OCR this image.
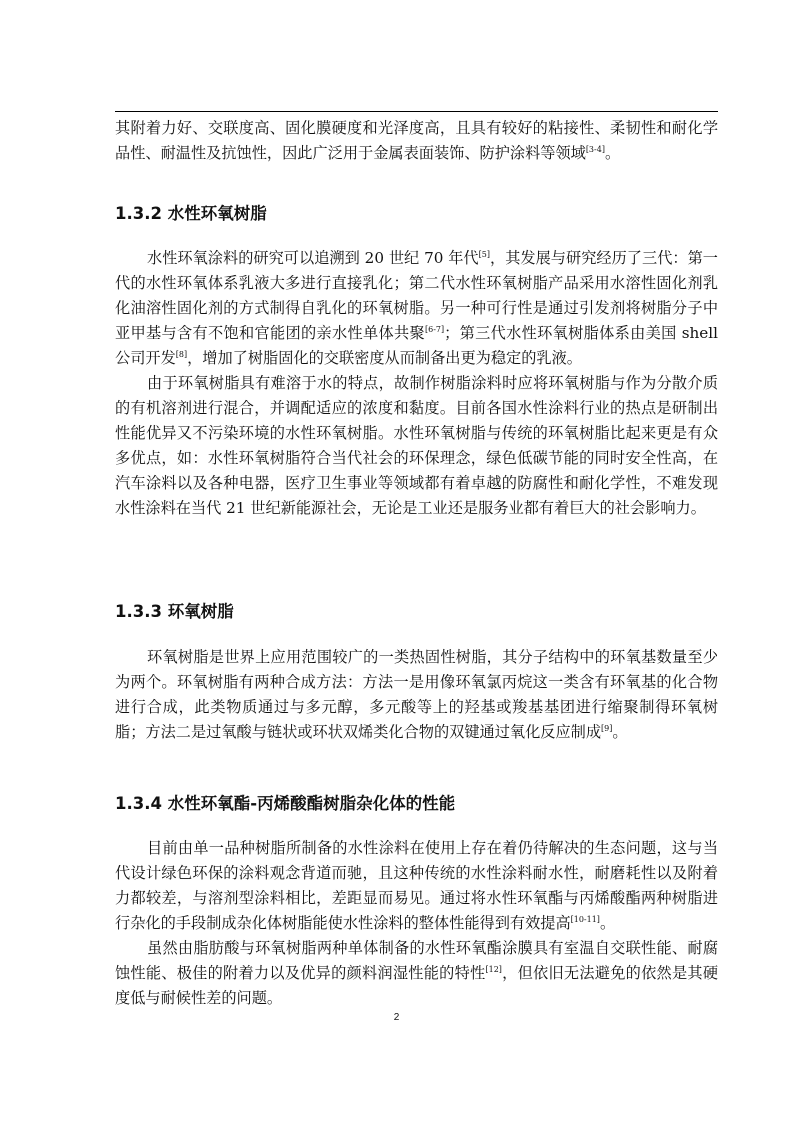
其附着力好、交联度高、固化膜硬度和光泽度高，且具有较好的粘接性、柔韧性和耐化学品性、耐温性及抗蚀性，因此广泛用于金属表面装饰、防护涂料等领域[3-4]。

1.3.2 水性环氧树脂

水性环氧涂料的研究可以追溯到 20 世纪 70 年代[5]，其发展与研究经历了三代：第一代的水性环氧体系乳液大多进行直接乳化；第二代水性环氧树脂产品采用水溶性固化剂乳化油溶性固化剂的方式制得自乳化的环氧树脂。另一种可行性是通过引发剂将树脂分子中亚甲基与含有不饱和官能团的亲水性单体共聚[6-7]；第三代水性环氧树脂体系由美国 shell 公司开发[8]，增加了树脂固化的交联密度从而制备出更为稳定的乳液。

由于环氧树脂具有难溶于水的特点，故制作树脂涂料时应将环氧树脂与作为分散介质的有机溶剂进行混合，并调配适应的浓度和黏度。目前各国水性涂料行业的热点是研制出性能优异又不污染环境的水性环氧树脂。水性环氧树脂与传统的环氧树脂比起来更是有众多优点，如：水性环氧树脂符合当代社会的环保理念，绿色低碳节能的同时安全性高，在汽车涂料以及各种电器，医疗卫生事业等领域都有着卓越的防腐性和耐化学性，不难发现水性涂料在当代 21 世纪新能源社会，无论是工业还是服务业都有着巨大的社会影响力。

1.3.3 环氧树脂

环氧树脂是世界上应用范围较广的一类热固性树脂，其分子结构中的环氧基数量至少为两个。环氧树脂有两种合成方法：方法一是用像环氧氯丙烷这一类含有环氧基的化合物进行合成，此类物质通过与多元醇，多元酸等上的羟基或羧基基团进行缩聚制得环氧树脂；方法二是过氧酸与链状或环状双烯类化合物的双键通过氧化反应制成[9]。

1.3.4 水性环氧酯-丙烯酸酯树脂杂化体的性能

目前由单一品种树脂所制备的水性涂料在使用上存在着仍待解决的生态问题，这与当代设计绿色环保的涂料观念背道而驰，且这种传统的水性涂料耐水性，耐磨耗性以及附着力都较差，与溶剂型涂料相比，差距显而易见。通过将水性环氧酯与丙烯酸酯两种树脂进行杂化的手段制成杂化体树脂能使水性涂料的整体性能得到有效提高[10-11]。

虽然由脂肪酸与环氧树脂两种单体制备的水性环氧酯涂膜具有室温自交联性能、耐腐蚀性能、极佳的附着力以及优异的颜料润湿性能的特性[12]，但依旧无法避免的依然是其硬度低与耐候性差的问题。

2
